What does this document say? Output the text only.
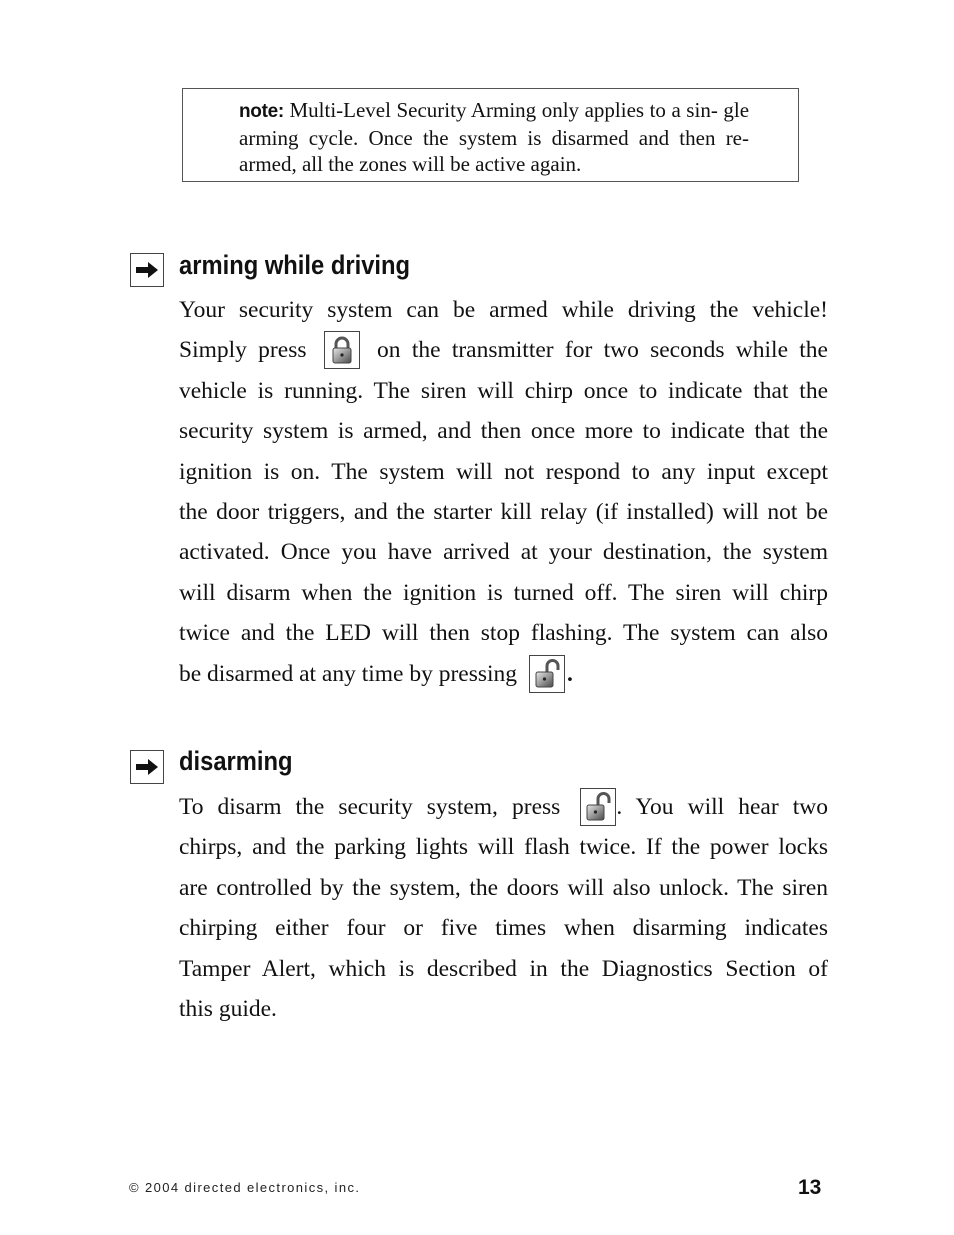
note: Multi-Level Security Arming only applies to a sin- gle arming cycle. Once the system is disarmed and then re-armed, all the zones will be active again.
arming while driving
Your security system can be armed while driving the vehicle!
Simply press	on the transmitter for two seconds while the
vehicle is running. The siren will chirp once to indicate that the
security system is armed, and then once more to indicate that the
ignition is on. The system will not respond to any input except
the door triggers, and the starter kill relay (if installed) will not be
activated. Once you have arrived at your destination, the system
will disarm when the ignition is turned off. The siren will chirp
twice and the LED will then stop flashing. The system can also
be disarmed at any time by pressing .
disarming
To disarm the security system, press . You will hear two
chirps, and the parking lights will flash twice. If the power locks
are controlled by the system, the doors will also unlock. The siren
chirping either four or five times when disarming indicates
Tamper Alert, which is described in the Diagnostics Section of
this guide.
© 2004 directed electronics, inc.	13
